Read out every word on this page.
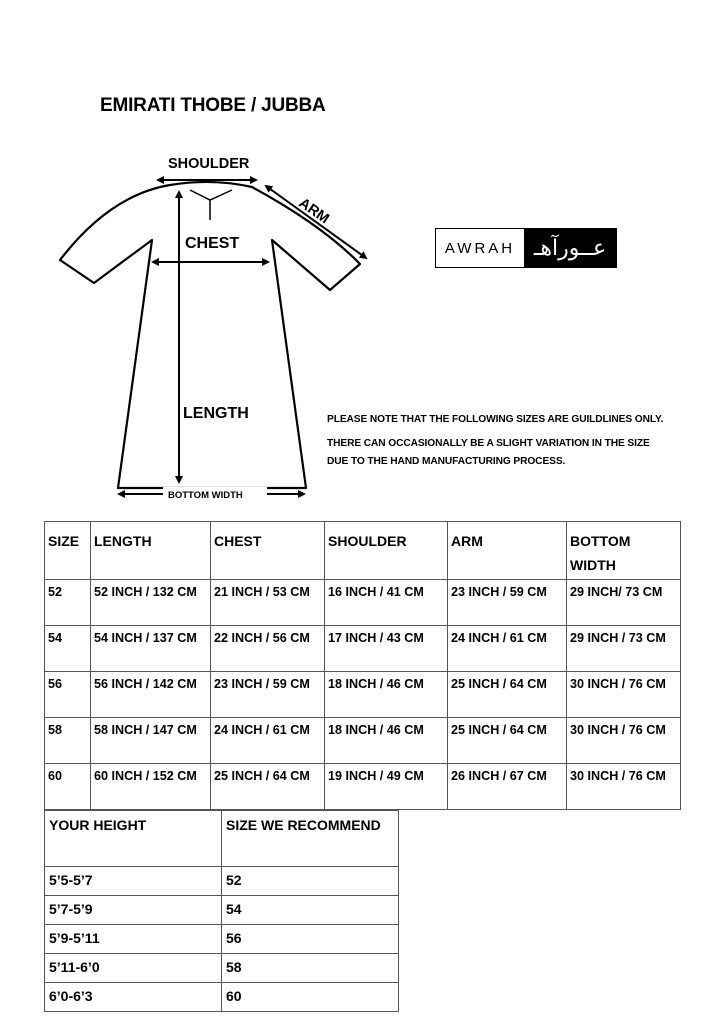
EMIRATI THOBE / JUBBA
SHOULDER
ARM
CHEST
LENGTH
BOTTOM WIDTH
AWRAH عــورآهـ
PLEASE NOTE THAT THE FOLLOWING SIZES ARE GUILDLINES ONLY.
THERE CAN OCCASIONALLY BE A SLIGHT VARIATION IN THE SIZE
DUE TO THE HAND MANUFACTURING PROCESS.
SIZE	LENGTH	CHEST	SHOULDER	ARM	BOTTOM WIDTH
52	52 INCH / 132 CM	21 INCH / 53 CM	16 INCH / 41 CM	23 INCH / 59 CM	29 INCH/ 73 CM
54	54 INCH / 137 CM	22 INCH / 56 CM	17 INCH / 43 CM	24 INCH / 61 CM	29 INCH / 73 CM
56	56 INCH / 142 CM	23 INCH / 59 CM	18 INCH / 46 CM	25 INCH / 64 CM	30 INCH / 76 CM
58	58 INCH / 147 CM	24 INCH / 61 CM	18 INCH / 46 CM	25 INCH / 64 CM	30 INCH / 76 CM
60	60 INCH / 152 CM	25 INCH / 64 CM	19 INCH / 49 CM	26 INCH / 67 CM	30 INCH / 76 CM
YOUR HEIGHT	SIZE WE RECOMMEND
5’5-5’7	52
5’7-5’9	54
5’9-5’11	56
5’11-6’0	58
6’0-6’3	60
